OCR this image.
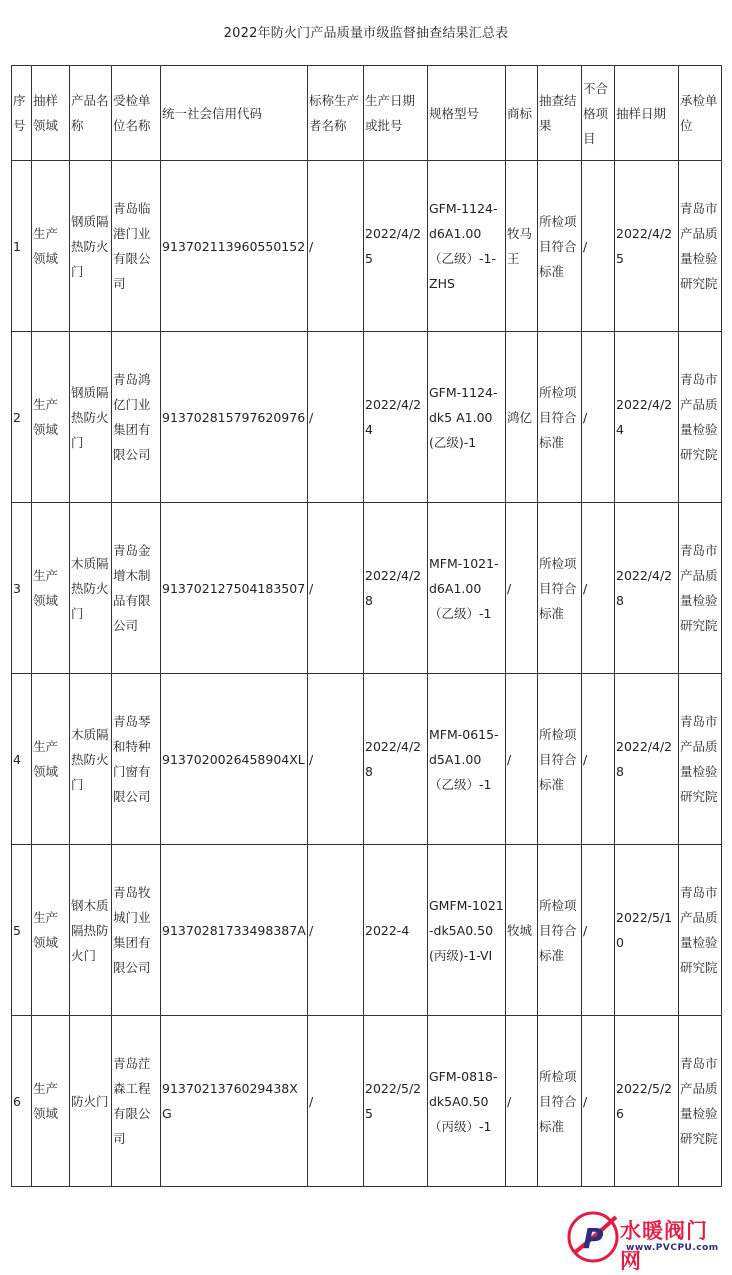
2022年防火门产品质量市级监督抽查结果汇总表
序号	抽样领域	产品名称	受检单位名称	统一社会信用代码	标称生产者名称	生产日期或批号	规格型号	商标	抽查结果	不合格项目	抽样日期	承检单位
1	生产领域	钢质隔热防火门	青岛临港门业有限公司	913702113960550152	/	2022/4/25	GFM-1124-d6A1.00（乙级）-1-ZHS	牧马王	所检项目符合标准	/	2022/4/25	青岛市产品质量检验研究院
2	生产领域	钢质隔热防火门	青岛鸿亿门业集团有限公司	913702815797620976	/	2022/4/24	GFM-1124-dk5 A1.00(乙级)-1	鸿亿	所检项目符合标准	/	2022/4/24	青岛市产品质量检验研究院
3	生产领域	木质隔热防火门	青岛金增木制品有限公司	913702127504183507	/	2022/4/28	MFM-1021-d6A1.00（乙级）-1	/	所检项目符合标准	/	2022/4/28	青岛市产品质量检验研究院
4	生产领域	木质隔热防火门	青岛琴和特种门窗有限公司	9137020026458904XL	/	2022/4/28	MFM-0615-d5A1.00（乙级）-1	/	所检项目符合标准	/	2022/4/28	青岛市产品质量检验研究院
5	生产领域	钢木质隔热防火门	青岛牧城门业集团有限公司	91370281733498387A	/	2022-4	GMFM-1021-dk5A0.50(丙级)-1-VI	牧城	所检项目符合标准	/	2022/5/10	青岛市产品质量检验研究院
6	生产领域	防火门	青岛茳森工程有限公司	9137021376029438XG	/	2022/5/25	GFM-0818-dk5A0.50（丙级）-1	/	所检项目符合标准	/	2022/5/26	青岛市产品质量检验研究院
P 水暖阀门网
www.PVCPU.com
